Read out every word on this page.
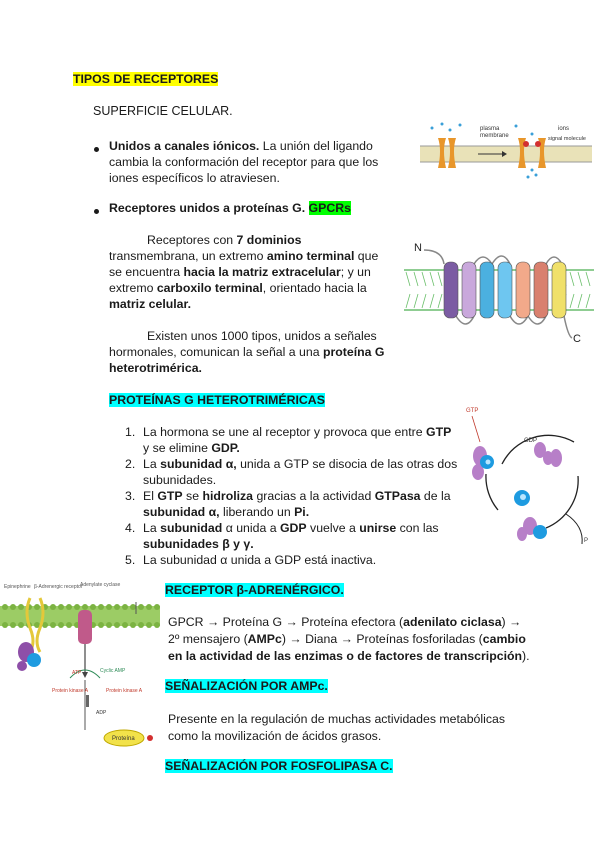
TIPOS DE RECEPTORES
SUPERFICIE CELULAR.
Unidos a canales iónicos. La unión del ligando
cambia la conformación del receptor para que los
iones específicos lo atraviesen.
plasma
membrane
ions
signal molecule
Receptores unidos a proteínas G. GPCRs
Receptores con 7 dominios
transmembrana, un extremo amino terminal que
se encuentra hacia la matriz extracelular; y un
extremo carboxilo terminal, orientado hacia la
matriz celular.
Existen unos 1000 tipos, unidos a señales
hormonales, comunican la señal a una proteína G
heterotrimérica.
N
C
PROTEÍNAS G HETEROTRIMÉRICAS
1. La hormona se une al receptor y provoca que entre GTP
y se elimine GDP.
2. La subunidad α, unida a GTP se disocia de las otras dos
subunidades.
3. El GTP se hidroliza gracias a la actividad GTPasa de la
subunidad α, liberando un Pi.
4. La subunidad α unida a GDP vuelve a unirse con las
subunidades β y γ.
5. La subunidad α unida a GDP está inactiva.
GTP
GDP
P
Epinephrine β-Adrenergic receptor
Adenylate cyclase
ATP	Cyclic AMP
Protein kinase A	Protein kinase A
ADP
Proteína
RECEPTOR β-ADRENÉRGICO.
GPCR → Proteína G → Proteína efectora (adenilato ciclasa) →
2º mensajero (AMPc) → Diana → Proteínas fosforiladas (cambio
en la actividad de las enzimas o de factores de transcripción).
SEÑALIZACIÓN POR AMPc.
Presente en la regulación de muchas actividades metabólicas
como la movilización de ácidos grasos.
SEÑALIZACIÓN POR FOSFOLIPASA C.
